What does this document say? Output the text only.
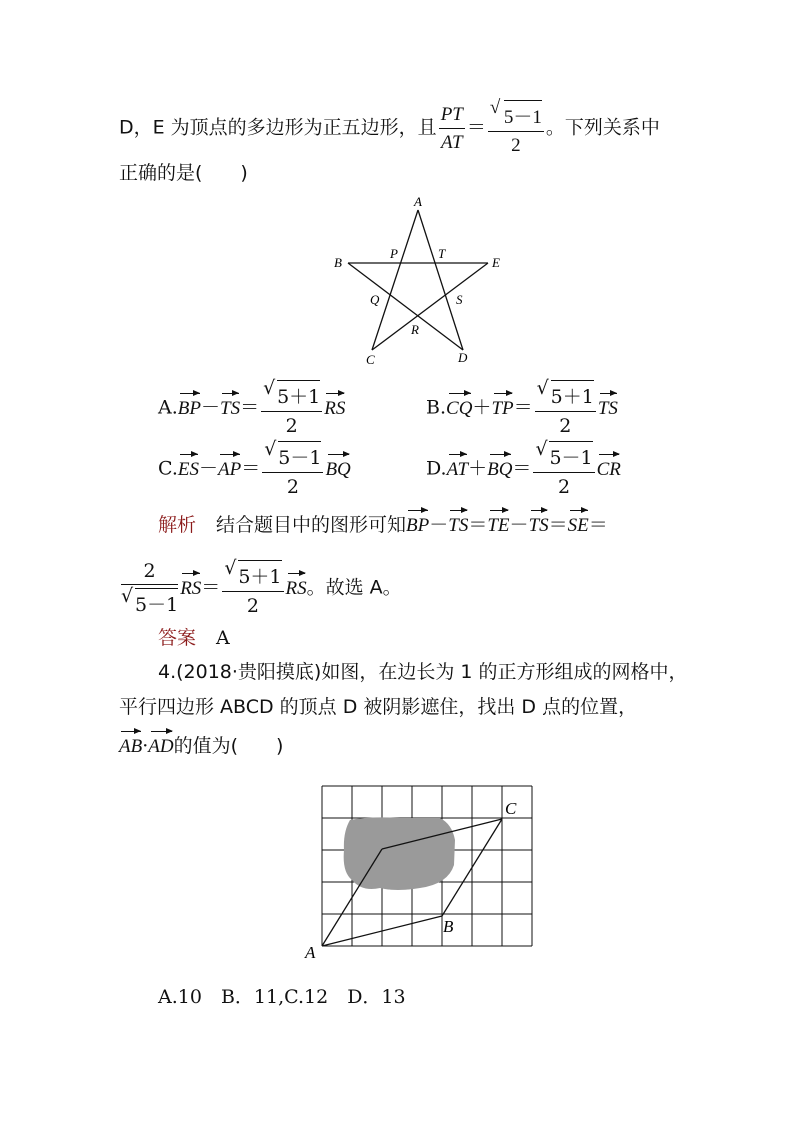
D，E 为顶点的多边形为正五边形，且 $\frac{PT}{AT}$ ＝ √ $\frac{5-1}{2}$ 。下列关系中
正确的是(　　)
A
B	E
P	T
Q	S
R
C	D
A.BP－TS＝ √ $\frac{5+1}{2}$ RS	B.CQ＋TP＝ √ $\frac{5+1}{2}$ TS
C.ES－AP＝ √ $\frac{5-1}{2}$ BQ	D.AT＋BQ＝ √ $\frac{5-1}{2}$ CR
解析 结合题目中的图形可知BP－TS＝TE－TS＝SE＝
2
√ 5－1 RS＝ √ $\frac{5+1}{2}$ RS。故选 A。
答案 A
4.(2018·贵阳摸底)如图，在边长为 1 的正方形组成的网格中，
平行四边形 ABCD 的顶点 D 被阴影遮住，找出 D 点的位置，
AB·AD的值为(　　)
A
B
C
A.10　B．11,C.12　D．13
